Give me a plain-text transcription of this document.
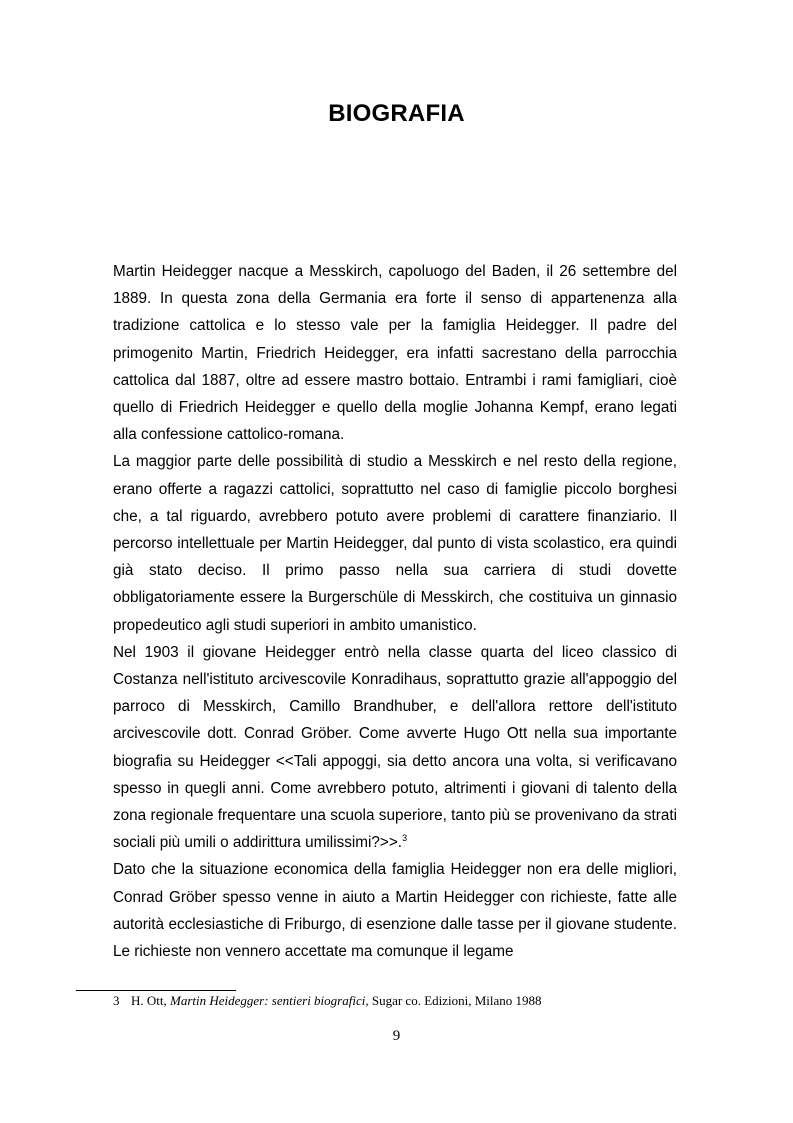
BIOGRAFIA

Martin Heidegger nacque a Messkirch, capoluogo del Baden, il 26 settembre del 1889. In questa zona della Germania era forte il senso di appartenenza alla tradizione cattolica e lo stesso vale per la famiglia Heidegger. Il padre del primogenito Martin, Friedrich Heidegger, era infatti sacrestano della parrocchia cattolica dal 1887, oltre ad essere mastro bottaio. Entrambi i rami famigliari, cioè quello di Friedrich Heidegger e quello della moglie Johanna Kempf, erano legati alla confessione cattolico-romana.

La maggior parte delle possibilità di studio a Messkirch e nel resto della regione, erano offerte a ragazzi cattolici, soprattutto nel caso di famiglie piccolo borghesi che, a tal riguardo, avrebbero potuto avere problemi di carattere finanziario. Il percorso intellettuale per Martin Heidegger, dal punto di vista scolastico, era quindi già stato deciso. Il primo passo nella sua carriera di studi dovette obbligatoriamente essere la Burgerschüle di Messkirch, che costituiva un ginnasio propedeutico agli studi superiori in ambito umanistico.

Nel 1903 il giovane Heidegger entrò nella classe quarta del liceo classico di Costanza nell'istituto arcivescovile Konradihaus, soprattutto grazie all'appoggio del parroco di Messkirch, Camillo Brandhuber, e dell'allora rettore dell'istituto arcivescovile dott. Conrad Gröber. Come avverte Hugo Ott nella sua importante biografia su Heidegger <<Tali appoggi, sia detto ancora una volta, si verificavano spesso in quegli anni. Come avrebbero potuto, altrimenti i giovani di talento della zona regionale frequentare una scuola superiore, tanto più se provenivano da strati sociali più umili o addirittura umilissimi?>>.$^3$

Dato che la situazione economica della famiglia Heidegger non era delle migliori, Conrad Gröber spesso venne in aiuto a Martin Heidegger con richieste, fatte alle autorità ecclesiastiche di Friburgo, di esenzione dalle tasse per il giovane studente. Le richieste non vennero accettate ma comunque il legame

3 H. Ott, Martin Heidegger: sentieri biografici, Sugar co. Edizioni, Milano 1988
9
